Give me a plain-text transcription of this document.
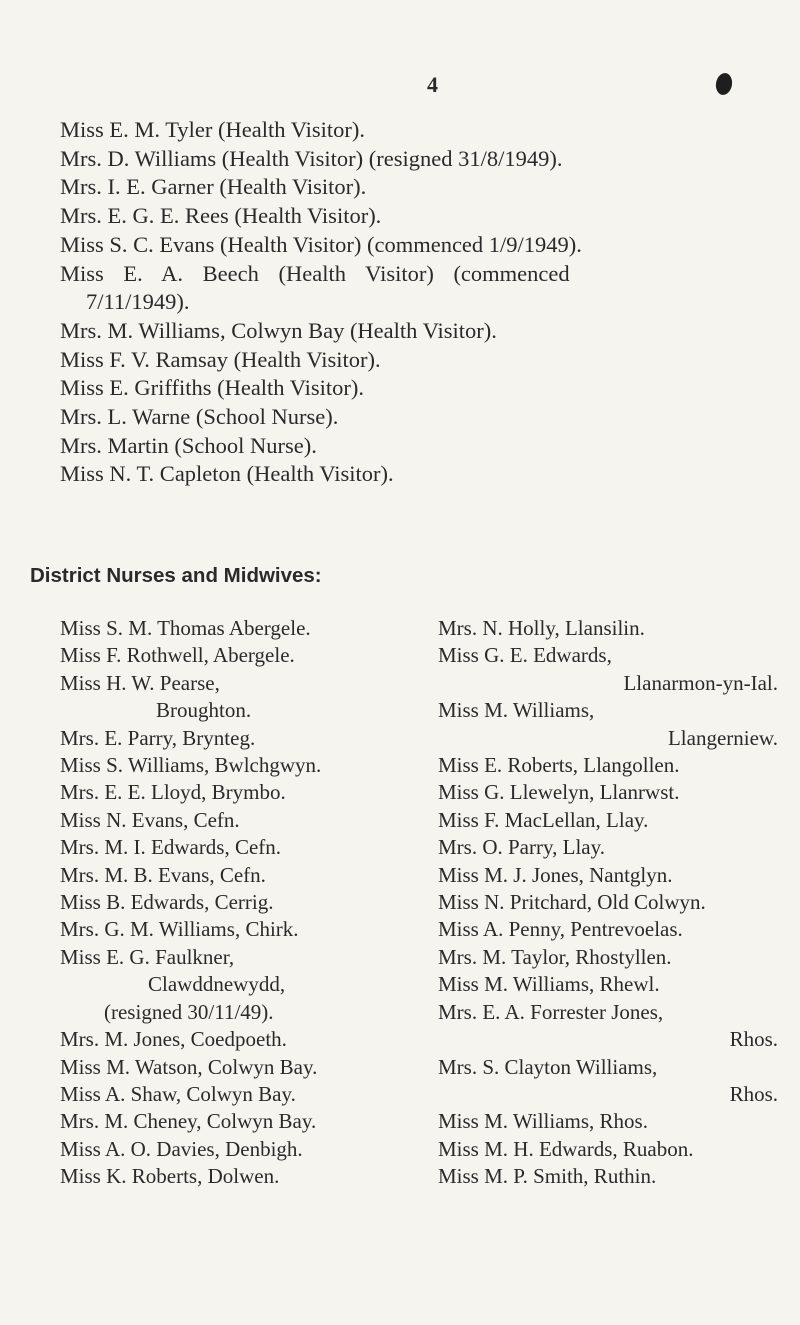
4
Miss E. M. Tyler (Health Visitor).
Mrs. D. Williams (Health Visitor) (resigned 31/8/1949).
Mrs. I. E. Garner (Health Visitor).
Mrs. E. G. E. Rees (Health Visitor).
Miss S. C. Evans (Health Visitor) (commenced 1/9/1949).
Miss E. A. Beech (Health Visitor) (commenced
7/11/1949).
Mrs. M. Williams, Colwyn Bay (Health Visitor).
Miss F. V. Ramsay (Health Visitor).
Miss E. Griffiths (Health Visitor).
Mrs. L. Warne (School Nurse).
Mrs. Martin (School Nurse).
Miss N. T. Capleton (Health Visitor).
District Nurses and Midwives:
Miss S. M. Thomas Abergele.
Miss F. Rothwell, Abergele.
Miss H. W. Pearse,
Broughton.
Mrs. E. Parry, Brynteg.
Miss S. Williams, Bwlchgwyn.
Mrs. E. E. Lloyd, Brymbo.
Miss N. Evans, Cefn.
Mrs. M. I. Edwards, Cefn.
Mrs. M. B. Evans, Cefn.
Miss B. Edwards, Cerrig.
Mrs. G. M. Williams, Chirk.
Miss E. G. Faulkner,
Clawddnewydd,
(resigned 30/11/49).
Mrs. M. Jones, Coedpoeth.
Miss M. Watson, Colwyn Bay.
Miss A. Shaw, Colwyn Bay.
Mrs. M. Cheney, Colwyn Bay.
Miss A. O. Davies, Denbigh.
Miss K. Roberts, Dolwen.
Mrs. N. Holly, Llansilin.
Miss G. E. Edwards,
Llanarmon-yn-Ial.
Miss M. Williams,
Llangerniew.
Miss E. Roberts, Llangollen.
Miss G. Llewelyn, Llanrwst.
Miss F. MacLellan, Llay.
Mrs. O. Parry, Llay.
Miss M. J. Jones, Nantglyn.
Miss N. Pritchard, Old Colwyn.
Miss A. Penny, Pentrevoelas.
Mrs. M. Taylor, Rhostyllen.
Miss M. Williams, Rhewl.
Mrs. E. A. Forrester Jones,
Rhos.
Mrs. S. Clayton Williams,
Rhos.
Miss M. Williams, Rhos.
Miss M. H. Edwards, Ruabon.
Miss M. P. Smith, Ruthin.
